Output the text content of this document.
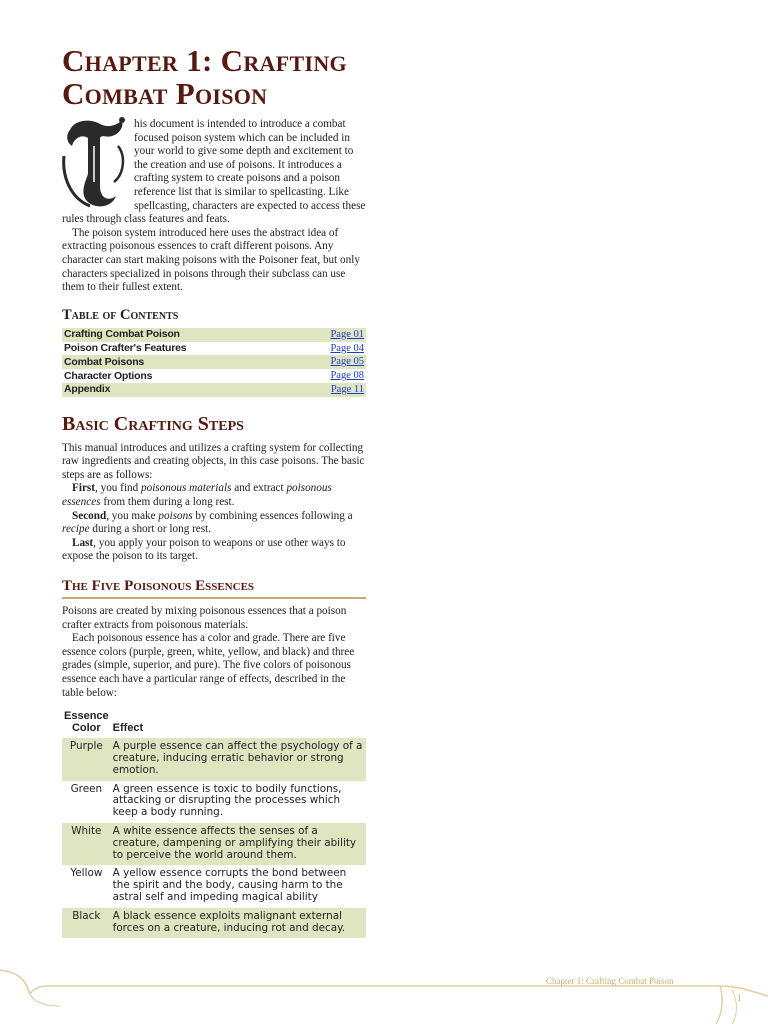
Chapter 1: Crafting
Combat Poison

his document is intended to introduce a combat focused poison system which can be included in your world to give some depth and excitement to the creation and use of poisons. It introduces a crafting system to create poisons and a poison reference list that is similar to spellcasting. Like spellcasting, characters are expected to access these rules through class features and feats.

The poison system introduced here uses the abstract idea of extracting poisonous essences to craft different poisons. Any character can start making poisons with the Poisoner feat, but only characters specialized in poisons through their subclass can use them to their fullest extent.

Table of Contents
Crafting Combat Poison	Page 01
Poison Crafter's Features	Page 04
Combat Poisons	Page 05
Character Options	Page 08
Appendix	Page 11
Basic Crafting Steps

This manual introduces and utilizes a crafting system for collecting raw ingredients and creating objects, in this case poisons. The basic steps are as follows:

First, you find poisonous materials and extract poisonous essences from them during a long rest.

Second, you make poisons by combining essences following a recipe during a short or long rest.

Last, you apply your poison to weapons or use other ways to expose the poison to its target.

The Five Poisonous Essences

Poisons are created by mixing poisonous essences that a poison crafter extracts from poisonous materials.

Each poisonous essence has a color and grade. There are five essence colors (purple, green, white, yellow, and black) and three grades (simple, superior, and pure). The five colors of poisonous essence each have a particular range of effects, described in the table below:

Essence
Color	Effect
Purple	A purple essence can affect the psychology of a creature, inducing erratic behavior or strong emotion.
Green	A green essence is toxic to bodily functions, attacking or disrupting the processes which keep a body running.
White	A white essence affects the senses of a creature, dampening or amplifying their ability to perceive the world around them.
Yellow	A yellow essence corrupts the bond between the spirit and the body, causing harm to the astral self and impeding magical ability
Black	A black essence exploits malignant external forces on a creature, inducing rot and decay.
Chapter 1: Crafting Combat Poison
1
